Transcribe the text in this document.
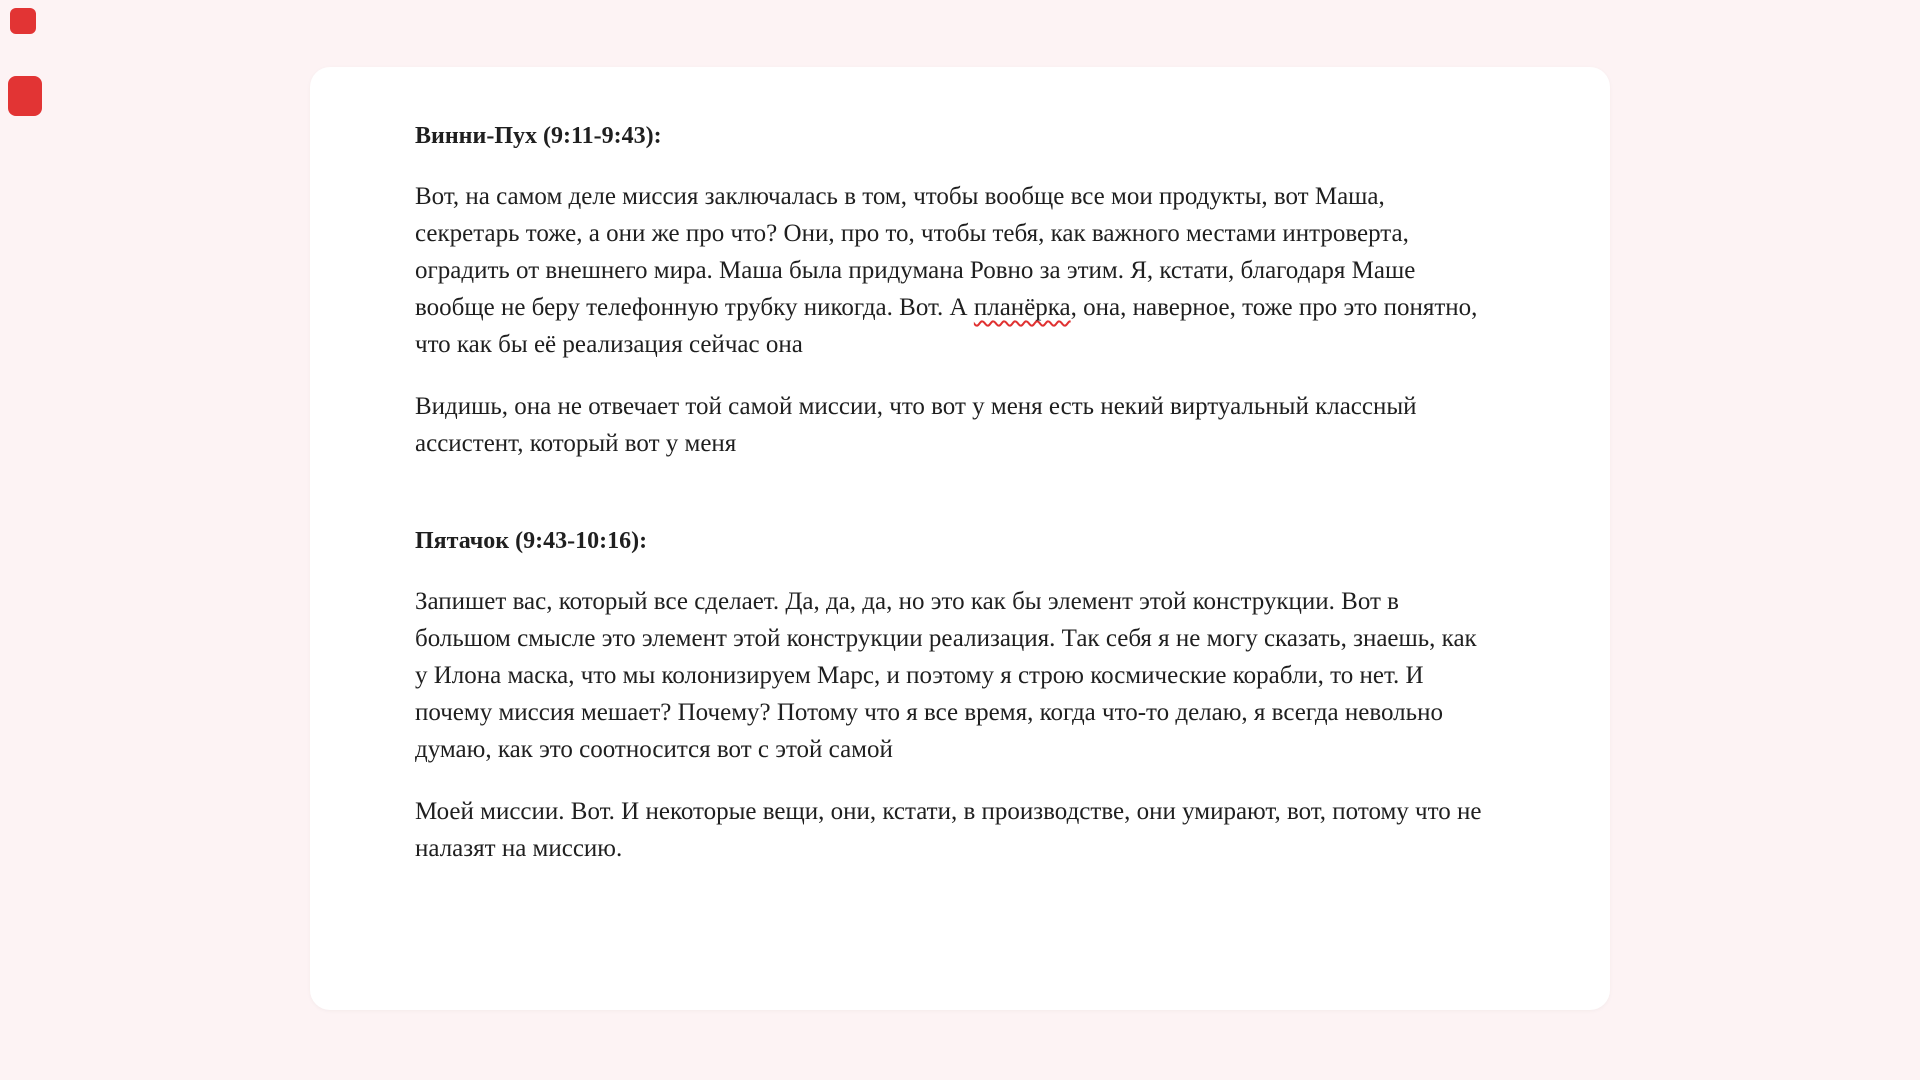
Винни-Пух (9:11-9:43):

Вот, на самом деле миссия заключалась в том, чтобы вообще все мои продукты, вот Маша, секретарь тоже, а они же про что? Они, про то, чтобы тебя, как важного местами интроверта, оградить от внешнего мира. Маша была придумана Ровно за этим. Я, кстати, благодаря Маше вообще не беру телефонную трубку никогда. Вот. А планёрка, она, наверное, тоже про это понятно, что как бы её реализация сейчас она

Видишь, она не отвечает той самой миссии, что вот у меня есть некий виртуальный классный ассистент, который вот у меня

Пятачок (9:43-10:16):

Запишет вас, который все сделает. Да, да, да, но это как бы элемент этой конструкции. Вот в большом смысле это элемент этой конструкции реализация. Так себя я не могу сказать, знаешь, как у Илона маска, что мы колонизируем Марс, и поэтому я строю космические корабли, то нет. И почему миссия мешает? Почему? Потому что я все время, когда что-то делаю, я всегда невольно думаю, как это соотносится вот с этой самой

Моей миссии. Вот. И некоторые вещи, они, кстати, в производстве, они умирают, вот, потому что не налазят на миссию.
